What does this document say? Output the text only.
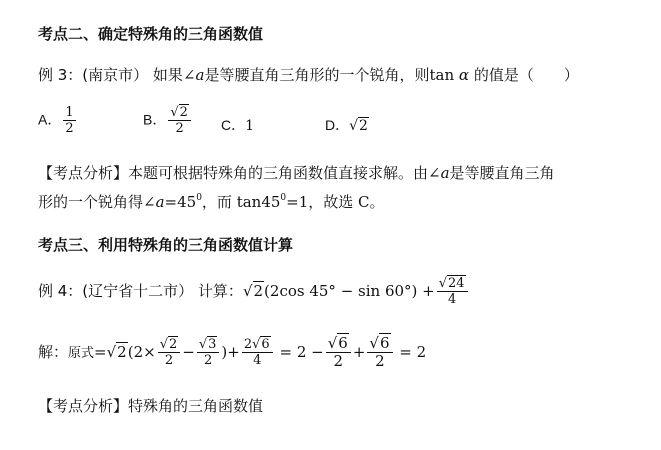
考点二、确定特殊角的三角函数值
例 3：(南京市） 如果∠a是等腰直角三角形的一个锐角，则tan α 的值是（　　）
A． $\frac{1}{2}$	B． $\frac{√2}{2}$ C．1	D．√2
【考点分析】本题可根据特殊角的三角函数值直接求解。由∠a是等腰直角三角
形的一个锐角得$\angle a=45^0$，而 $\tan 45^0=1$，故选 C。
考点三、利用特殊角的三角函数值计算
例 4：(辽宁省十二市） 计算：√2(2cos $45^\circ - \sin 60^\circ) + \frac{√24}{4}$
解：原式$=√2(2\times \frac{√2}{2} - \frac{√3}{2}$ )+ $\frac{2√6}{4} = 2 - \frac{√6}{2} + \frac{√6}{2} = 2$
【考点分析】特殊角的三角函数值
